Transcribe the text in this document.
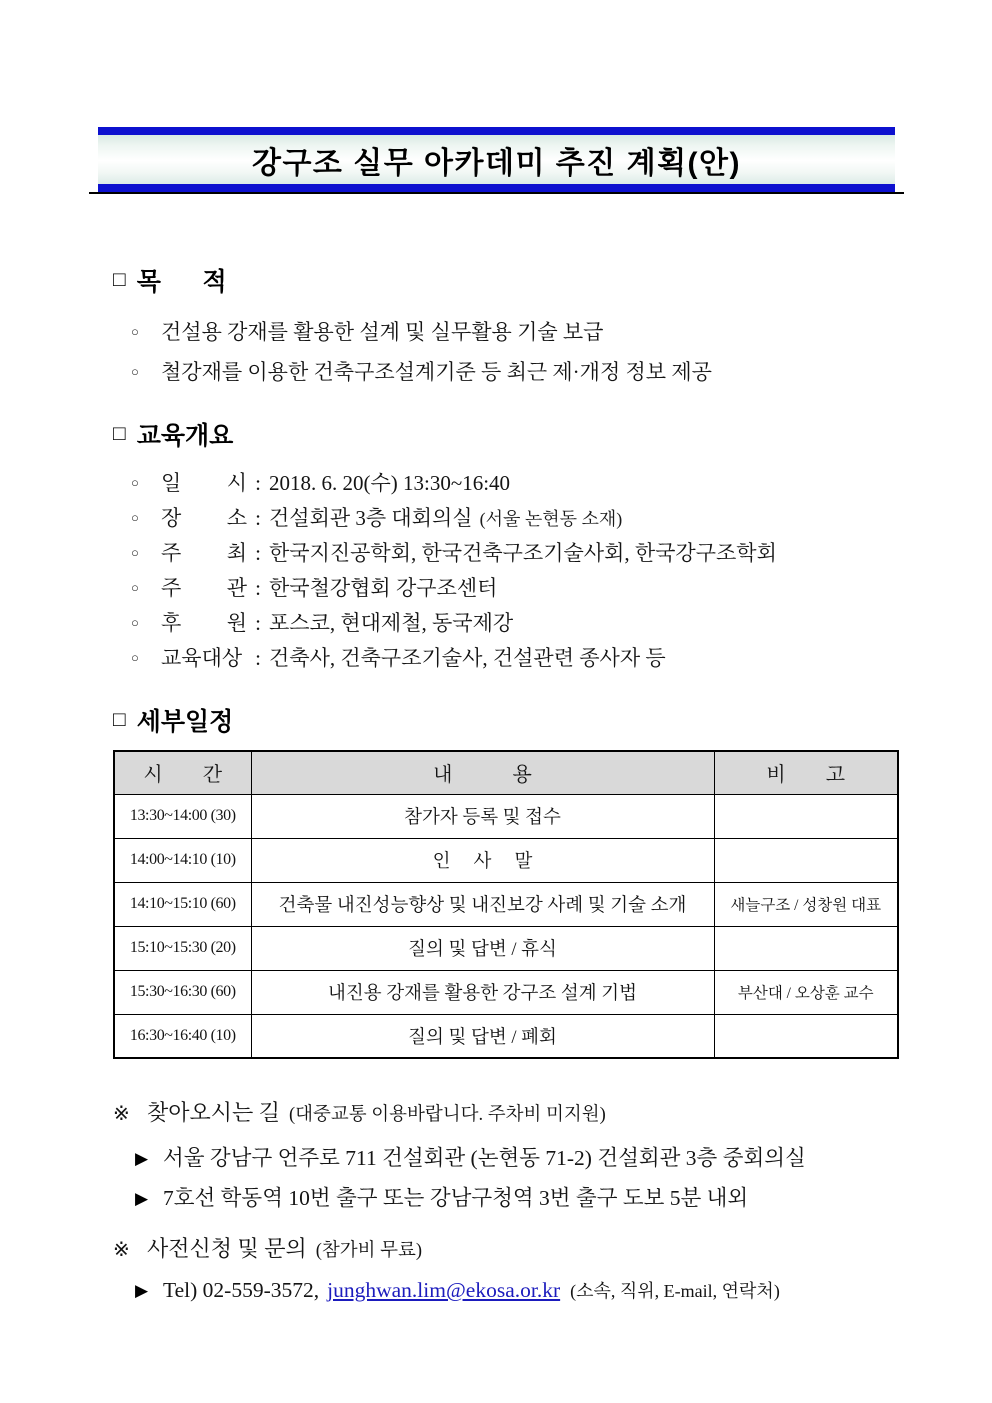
강구조 실무 아카데미 추진 계획(안)
□ 목      적
○	건설용 강재를 활용한 설계 및 실무활용 기술 보급
○	철강재를 이용한 건축구조설계기준 등 최근 제·개정 정보 제공
□ 교육개요
○	일 시 : 2018. 6. 20(수) 13:30~16:40
○	장 소 : 건설회관 3층 대회의실 (서울 논현동 소재)
○	주 최 : 한국지진공학회, 한국건축구조기술사회, 한국강구조학회
○	주 관 : 한국철강협회 강구조센터
○	후 원 : 포스코, 현대제철, 동국제강
○	교육대상 : 건축사, 건축구조기술사, 건설관련 종사자 등
□ 세부일정
시　　간	내　　　용	비　　고
13:30~14:00 (30)	참가자 등록 및 접수	
14:00~14:10 (10)	인　 사　 말	
14:10~15:10 (60)	건축물 내진성능향상 및 내진보강 사례 및 기술 소개	새늘구조 / 성창원 대표
15:10~15:30 (20)	질의 및 답변 / 휴식	
15:30~16:30 (60)	내진용 강재를 활용한 강구조 설계 기법	부산대 / 오상훈 교수
16:30~16:40 (10)	질의 및 답변 / 폐회	
※ 찾아오시는 길 (대중교통 이용바랍니다. 주차비 미지원)
▶ 서울 강남구 언주로 711 건설회관 (논현동 71-2) 건설회관 3층 중회의실
▶ 7호선 학동역 10번 출구 또는 강남구청역 3번 출구 도보 5분 내외
※ 사전신청 및 문의 (참가비 무료)
▶ Tel) 02-559-3572, junghwan.lim@ekosa.or.kr (소속, 직위, E-mail, 연락처)
